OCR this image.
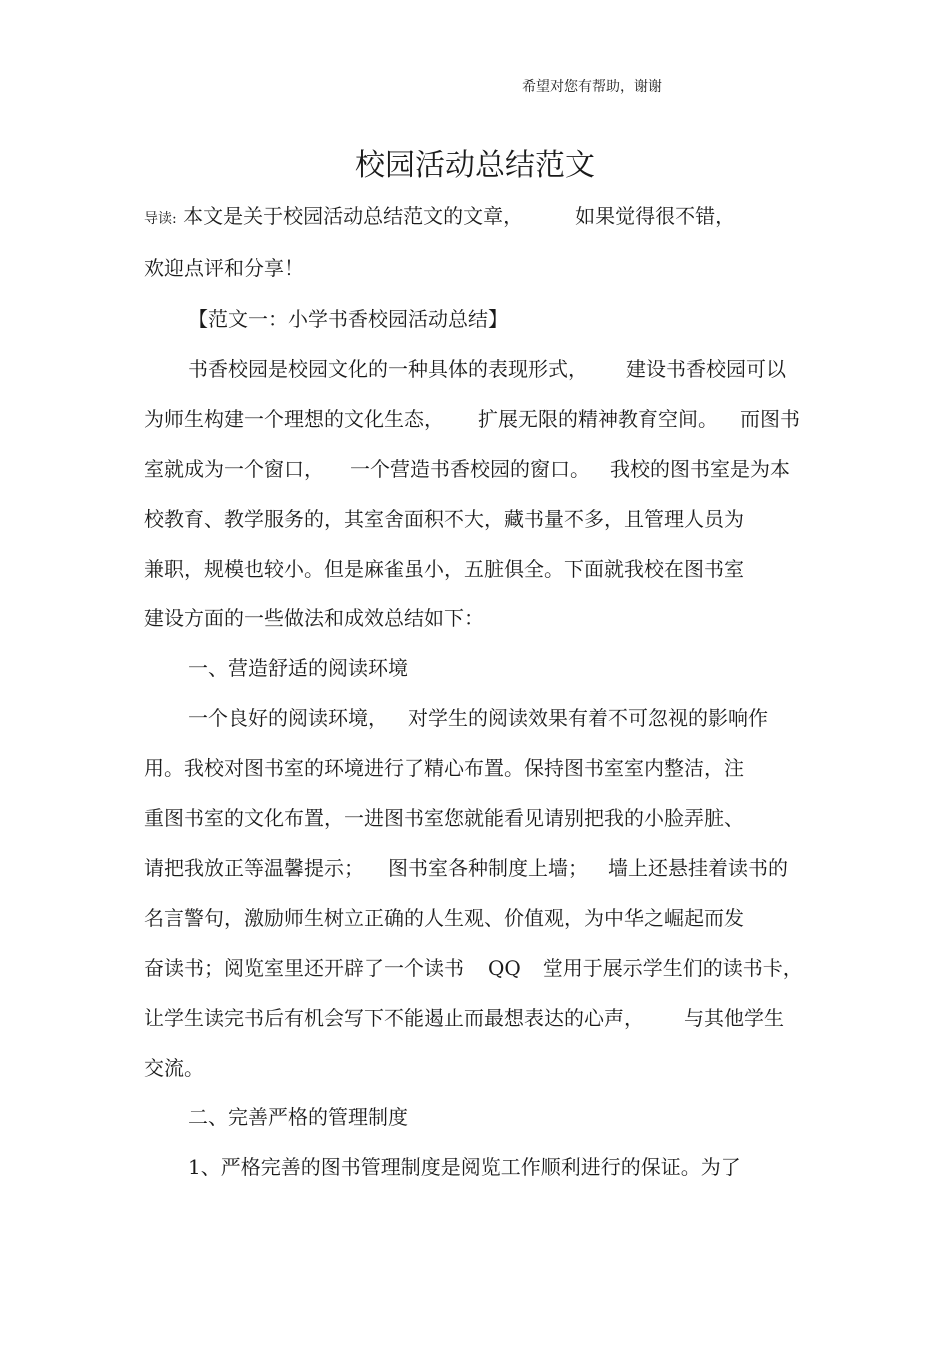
希望对您有帮助，谢谢
校园活动总结范文
导读: 本文是关于校园活动总结范文的文章，	如果觉得很不错，
欢迎点评和分享！
【范文一：小学书香校园活动总结】
书香校园是校园文化的一种具体的表现形式， 建设书香校园可以
为师生构建一个理想的文化生态， 扩展无限的精神教育空间。 而图书
室就成为一个窗口， 一个营造书香校园的窗口。 我校的图书室是为本
校教育、教学服务的，其室舍面积不大，藏书量不多，且管理人员为
兼职，规模也较小。但是麻雀虽小，五脏俱全。下面就我校在图书室
建设方面的一些做法和成效总结如下：
一、营造舒适的阅读环境
一个良好的阅读环境， 对学生的阅读效果有着不可忽视的影响作
用。我校对图书室的环境进行了精心布置。保持图书室室内整洁，注
重图书室的文化布置，一进图书室您就能看见请别把我的小脸弄脏、
请把我放正等温馨提示； 图书室各种制度上墙； 墙上还悬挂着读书的
名言警句，激励师生树立正确的人生观、价值观，为中华之崛起而发
奋读书；阅览室里还开辟了一个读书 QQ 堂用于展示学生们的读书卡，
让学生读完书后有机会写下不能遏止而最想表达的心声， 与其他学生
交流。
二、完善严格的管理制度
1、严格完善的图书管理制度是阅览工作顺利进行的保证。为了
